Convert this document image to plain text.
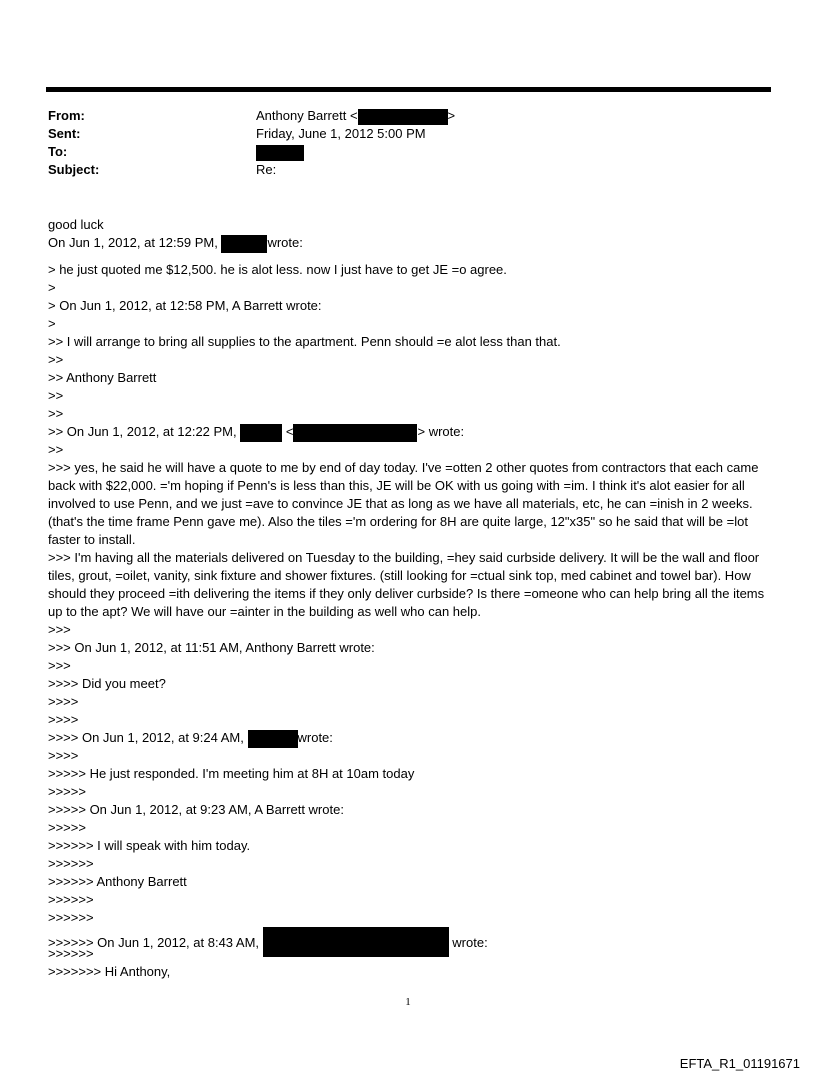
From:	Anthony Barrett <	>
Sent:	Friday, June 1, 2012 5:00 PM
To:
Subject:	Re:
good luck
On Jun 1, 2012, at 12:59 PM,	wrote:
> he just quoted me $12,500. he is alot less. now I just have to get JE =o agree.
>
> On Jun 1, 2012, at 12:58 PM, A Barrett wrote:
>
>> I will arrange to bring all supplies to the apartment. Penn should =e alot less than that.
>>
>> Anthony Barrett
>>
>>
>> On Jun 1, 2012, at 12:22 PM,	<	> wrote:
>>
>>> yes, he said he will have a quote to me by end of day today. I've =otten 2 other quotes from contractors that each came back with $22,000. ='m hoping if Penn's is less than this, JE will be OK with us going with =im. I think it's alot easier for all involved to use Penn, and we just =ave to convince JE that as long as we have all materials, etc, he can =inish in 2 weeks. (that's the time frame Penn gave me). Also the tiles ='m ordering for 8H are quite large, 12"x35" so he said that will be =lot faster to install.
>>> I'm having all the materials delivered on Tuesday to the building, =hey said curbside delivery. It will be the wall and floor tiles, grout, =oilet, vanity, sink fixture and shower fixtures. (still looking for =ctual sink top, med cabinet and towel bar). How should they proceed =ith delivering the items if they only deliver curbside? Is there =omeone who can help bring all the items up to the apt? We will have our =ainter in the building as well who can help.
>>>
>>> On Jun 1, 2012, at 11:51 AM, Anthony Barrett wrote:
>>>
>>>> Did you meet?
>>>>
>>>>
>>>> On Jun 1, 2012, at 9:24 AM,	wrote:
>>>>
>>>>> He just responded. I'm meeting him at 8H at 10am today
>>>>>
>>>>> On Jun 1, 2012, at 9:23 AM, A Barrett wrote:
>>>>>
>>>>>> I will speak with him today.
>>>>>>
>>>>>> Anthony Barrett
>>>>>>
>>>>>>
>>>>>> On Jun 1, 2012, at 8:43 AM,	wrote:
>>>>>>
>>>>>>> Hi Anthony,
1
EFTA_R1_01191671
